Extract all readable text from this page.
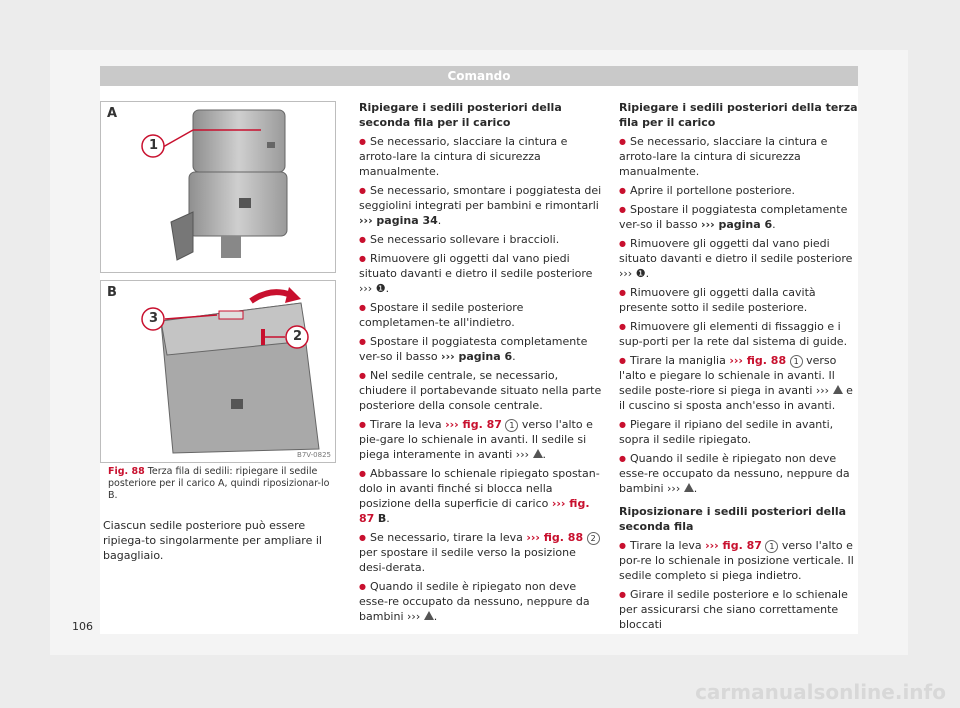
Comando
A
1
B
3
2
B7V-0825
Fig. 88 Terza fila di sedili: ripiegare il sedile posteriore per il carico A, quindi riposizionar-lo B.
Ciascun sedile posteriore può essere ripiega-to singolarmente per ampliare il bagagliaio.
Ripiegare i sedili posteriori della seconda fila per il carico

● Se necessario, slacciare la cintura e arroto-lare la cintura di sicurezza manualmente.

● Se necessario, smontare i poggiatesta dei seggiolini integrati per bambini e rimontarli ››› pagina 34.

● Se necessario sollevare i braccioli.

● Rimuovere gli oggetti dal vano piedi situato davanti e dietro il sedile posteriore ››› ❶.

● Spostare il sedile posteriore completamen-te all'indietro.

● Spostare il poggiatesta completamente ver-so il basso ››› pagina 6.

● Nel sedile centrale, se necessario, chiudere il portabevande situato nella parte posteriore della console centrale.

● Tirare la leva ››› fig. 87 1 verso l'alto e pie-gare lo schienale in avanti. Il sedile si piega interamente in avanti ››› .

● Abbassare lo schienale ripiegato spostan-dolo in avanti finché si blocca nella posizione della superficie di carico ››› fig. 87 B.

● Se necessario, tirare la leva ››› fig. 88 2 per spostare il sedile verso la posizione desi-derata.

● Quando il sedile è ripiegato non deve esse-re occupato da nessuno, neppure da bambini ››› .

Ripiegare i sedili posteriori della terza fila per il carico

● Se necessario, slacciare la cintura e arroto-lare la cintura di sicurezza manualmente.

● Aprire il portellone posteriore.

● Spostare il poggiatesta completamente ver-so il basso ››› pagina 6.

● Rimuovere gli oggetti dal vano piedi situato davanti e dietro il sedile posteriore ››› ❶.

● Rimuovere gli oggetti dalla cavità presente sotto il sedile posteriore.

● Rimuovere gli elementi di fissaggio e i sup-porti per la rete dal sistema di guide.

● Tirare la maniglia ››› fig. 88 1 verso l'alto e piegare lo schienale in avanti. Il sedile poste-riore si piega in avanti ››› e il cuscino si sposta anch'esso in avanti.

● Piegare il ripiano del sedile in avanti, sopra il sedile ripiegato.

● Quando il sedile è ripiegato non deve esse-re occupato da nessuno, neppure da bambini ››› .

Riposizionare i sedili posteriori della seconda fila

● Tirare la leva ››› fig. 87 1 verso l'alto e por-re lo schienale in posizione verticale. Il sedile completo si piega indietro.

● Girare il sedile posteriore e lo schienale per assicurarsi che siano correttamente bloccati

106
carmanualsonline.info
